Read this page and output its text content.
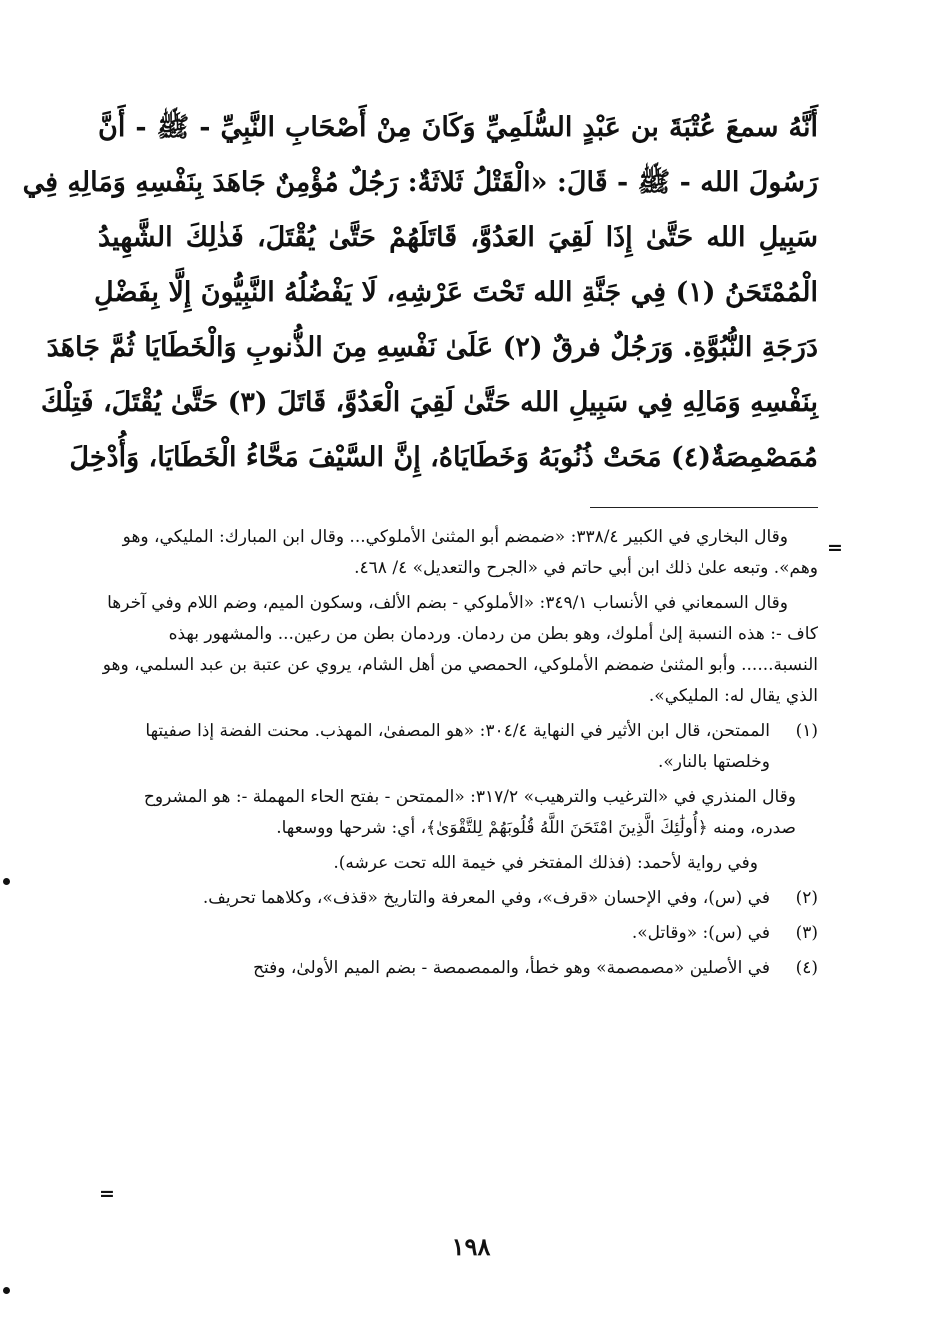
أَنَّهُ سمعَ عُتْبَةَ بن عَبْدٍ السُّلَمِيِّ وَكَانَ مِنْ أَصْحَابِ النَّبِيِّ - ﷺ - أَنَّ
رَسُولَ الله - ﷺ - قَالَ: «الْقَتْلُ ثَلاثَةٌ: رَجُلٌ مُؤْمِنٌ جَاهَدَ بِنَفْسِهِ وَمَالِهِ فِي
سَبِيلِ الله حَتَّىٰ إِذَا لَقِيَ العَدُوَّ، قَاتَلَهُمْ حَتَّىٰ يُقْتَلَ، فَذٰلِكَ الشَّهِيدُ
الْمُمْتَحَنُ (١) فِي جَنَّةِ الله تَحْتَ عَرْشِهِ، لَا يَفْضُلُهُ النَّبِيُّونَ إِلَّا بِفَضْلِ
دَرَجَةِ النُّبُوَّةِ. وَرَجُلٌ فرقٌ (٢) عَلَىٰ نَفْسِهِ مِنَ الذُّنوبِ وَالْخَطَايَا ثُمَّ جَاهَدَ
بِنَفْسِهِ وَمَالِهِ فِي سَبِيلِ الله حَتَّىٰ لَقِيَ الْعَدُوَّ، قَاتَلَ (٣) حَتَّىٰ يُقْتَلَ، فَتِلْكَ
مُمَصْمِصَةٌ(٤) مَحَتْ ذُنُوبَهُ وَخَطَايَاهُ، إِنَّ السَّيْفَ مَحَّاءُ الْخَطَايَا، وَأُدْخِلَ
=
وقال البخاري في الكبير ٣٣٨/٤: «ضمضم أبو المثنىٰ الأملوكي... وقال ابن المبارك: المليكي، وهو وهم». وتبعه علىٰ ذلك ابن أبي حاتم في «الجرح والتعديل» ٤/ ٤٦٨.
وقال السمعاني في الأنساب ٣٤٩/١: «الأملوكي - بضم الألف، وسكون الميم، وضم اللام وفي آخرها كاف -: هذه النسبة إلىٰ أملوك، وهو بطن من ردمان. وردمان بطن من رعين... والمشهور بهذه النسبة...... وأبو المثنىٰ ضمضم الأملوكي، الحمصي من أهل الشام، يروي عن عتبة بن عبد السلمي، وهو الذي يقال له: المليكي».
(١)
الممتحن، قال ابن الأثير في النهاية ٣٠٤/٤: «هو المصفىٰ، المهذب. محنت الفضة إذا صفيتها وخلصتها بالنار».
وقال المنذري في «الترغيب والترهيب» ٣١٧/٢: «الممتحن - بفتح الحاء المهملة -: هو المشروح صدره، ومنه ﴿أُولَٰئِكَ الَّذِينَ امْتَحَنَ اللَّهُ قُلُوبَهُمْ لِلتَّقْوَىٰ﴾، أي: شرحها ووسعها.
وفي رواية لأحمد: (فذلك المفتخر في خيمة الله تحت عرشه).
(٢)
في (س)، وفي الإحسان «قرف»، وفي المعرفة والتاريخ «قذف»، وكلاهما تحريف.
(٣)
في (س): «وقاتل».
(٤)
في الأصلين «مصمصمة» وهو خطأ، والممصمصة - بضم الميم الأولىٰ، وفتح
=
١٩٨
